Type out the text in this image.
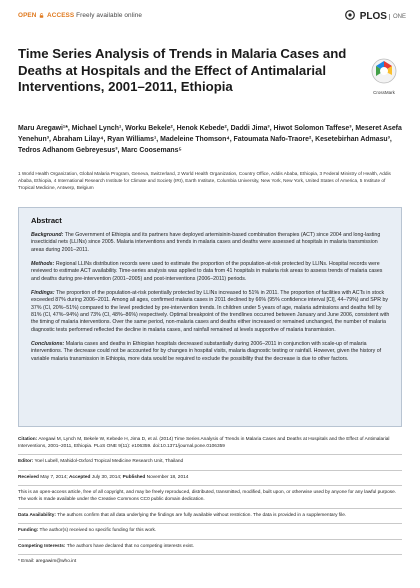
OPEN ACCESS Freely available online	PLOS ONE
Time Series Analysis of Trends in Malaria Cases and Deaths at Hospitals and the Effect of Antimalarial Interventions, 2001–2011, Ethiopia	CrossMark

Maru Aregawi¹*, Michael Lynch¹, Worku Bekele², Henok Kebede², Daddi Jima³, Hiwot Solomon Taffese³, Meseret Asefa Yenehun³, Abraham Lilay⁴, Ryan Williams¹, Madeleine Thomson⁴, Fatoumata Nafo-Traore², Kesetebirhan Admasu³, Tedros Adhanom Gebreyesus³, Marc Coosemans⁵

1 World Health Organization, Global Malaria Program, Geneva, Switzerland, 2 World Health Organization, Country Office, Addis Ababa, Ethiopia, 3 Federal Ministry of Health, Addis Ababa, Ethiopia, 4 International Research Institute for Climate and Society (IRI), Earth Institute, Columbia University, New York, New York, United States of America, 5 Institute of Tropical Medicine, Antwerp, Belgium

Abstract

Background: The Government of Ethiopia and its partners have deployed artemisinin-based combination therapies (ACT) since 2004 and long-lasting insecticidal nets (LLINs) since 2005. Malaria interventions and trends in malaria cases and deaths were assessed at hospitals in malaria transmission areas during 2001–2011.

Methods: Regional LLINs distribution records were used to estimate the proportion of the population-at-risk protected by LLINs. Hospital records were reviewed to estimate ACT availability. Time-series analysis was applied to data from 41 hospitals in malaria risk areas to assess trends of malaria cases and deaths during pre-intervention (2001–2005) and post-interventions (2006–2011) periods.

Findings: The proportion of the population-at-risk potentially protected by LLINs increased to 51% in 2011. The proportion of facilities with ACTs in stock exceeded 87% during 2006–2011. Among all ages, confirmed malaria cases in 2011 declined by 66% (95% confidence interval [CI], 44–79%) and SPR by 37% (CI, 20%–51%) compared to the level predicted by pre-intervention trends. In children under 5 years of age, malaria admissions and deaths fell by 81% (CI, 47%–94%) and 73% (CI, 48%–86%) respectively. Optimal breakpoint of the trendlines occurred between January and June 2006, consistent with the timing of malaria interventions. Over the same period, non-malaria cases and deaths either increased or remained unchanged, the number of malaria diagnostic tests performed reflected the decline in malaria cases, and rainfall remained at levels supportive of malaria transmission.

Conclusions: Malaria cases and deaths in Ethiopian hospitals decreased substantially during 2006–2011 in conjunction with scale-up of malaria interventions. The decrease could not be accounted for by changes in hospital visits, malaria diagnostic testing or rainfall. However, given the history of variable malaria transmission in Ethiopia, more data would be required to exclude the possibility that the decrease is due to other factors.

Citation: Aregawi M, Lynch M, Bekele W, Kebede H, Jima D, et al. (2014) Time Series Analysis of Trends in Malaria Cases and Deaths at Hospitals and the Effect of Antimalarial Interventions, 2001–2011, Ethiopia. PLoS ONE 9(11): e106359. doi:10.1371/journal.pone.0106359

Editor: Yoel Lubell, Mahidol-Oxford Tropical Medicine Research Unit, Thailand

Received May 7, 2014; Accepted July 30, 2014; Published November 18, 2014

This is an open-access article, free of all copyright, and may be freely reproduced, distributed, transmitted, modified, built upon, or otherwise used by anyone for any lawful purpose. The work is made available under the Creative Commons CC0 public domain dedication.

Data Availability: The authors confirm that all data underlying the findings are fully available without restriction. The data is provided in a supplementary file.

Funding: The author(s) received no specific funding for this work.

Competing Interests: The authors have declared that no competing interests exist.

* Email: aregawim@who.int
